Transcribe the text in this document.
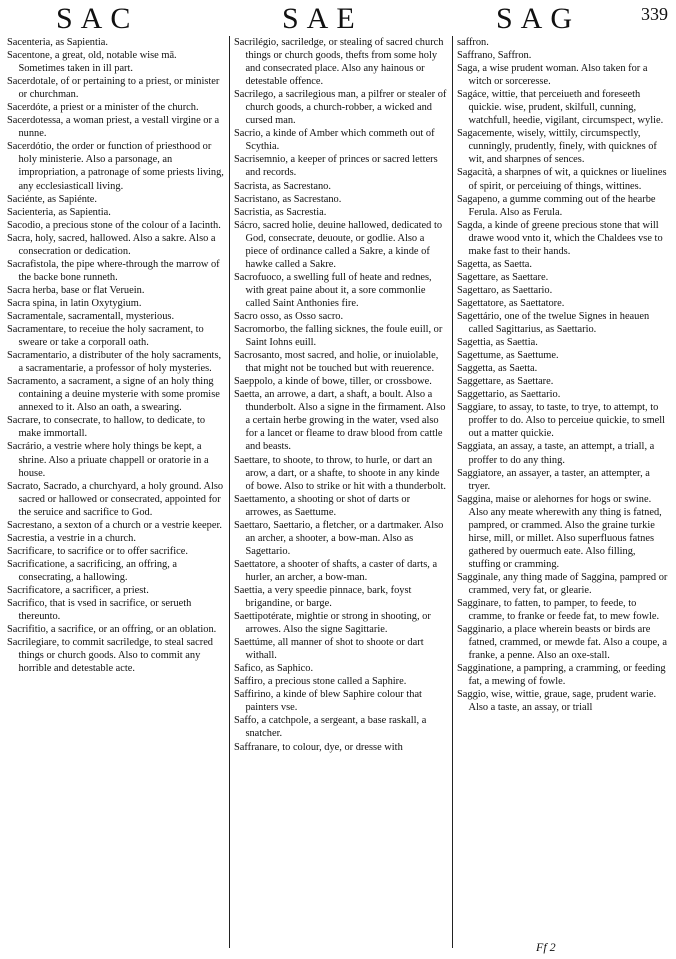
SAC	SAE	SAG	339

Sacenteria, as Sapientia.

Sacentone, a great, old, notable wise mā. Sometimes taken in ill part.

Sacerdotale, of or pertaining to a priest, or minister or churchman.

Sacerdóte, a priest or a minister of the church.

Sacerdotessa, a woman priest, a vestall virgine or a nunne.

Sacerdótio, the order or function of priesthood or holy ministerie. Also a parsonage, an impropriation, a patronage of some priests living, any ecclesiasticall living.

Saciénte, as Sapiénte.

Sacienteria, as Sapientia.

Sacodio, a precious stone of the colour of a Iacinth.

Sacra, holy, sacred, hallowed. Also a sakre. Also a consecration or dedication.

Sacrafistola, the pipe where-through the marrow of the backe bone runneth.

Sacra herba, base or flat Veruein.

Sacra spina, in latin Oxytygium.

Sacramentale, sacramentall, mysterious.

Sacramentare, to receiue the holy sacrament, to sweare or take a corporall oath.

Sacramentario, a distributer of the holy sacraments, a sacramentarie, a professor of holy mysteries.

Sacramento, a sacrament, a signe of an holy thing containing a deuine mysterie with some promise annexed to it. Also an oath, a swearing.

Sacrare, to consecrate, to hallow, to dedicate, to make immortall.

Sacrário, a vestrie where holy things be kept, a shrine. Also a priuate chappell or oratorie in a house.

Sacrato, Sacrado, a churchyard, a holy ground. Also sacred or hallowed or consecrated, appointed for the seruice and sacrifice to God.

Sacrestano, a sexton of a church or a vestrie keeper.

Sacrestia, a vestrie in a church.

Sacrificare, to sacrifice or to offer sacrifice.

Sacrificatione, a sacrificing, an offring, a consecrating, a hallowing.

Sacrificatore, a sacrificer, a priest.

Sacrifico, that is vsed in sacrifice, or serueth thereunto.

Sacrifitio, a sacrifice, or an offring, or an oblation.

Sacrilegiare, to commit sacriledge, to steal sacred things or church goods. Also to commit any horrible and detestable acte.

Sacrilégio, sacriledge, or stealing of sacred church things or church goods, thefts from some holy and consecrated place. Also any hainous or detestable offence.

Sacrilego, a sacrilegious man, a pilfrer or stealer of church goods, a church-robber, a wicked and cursed man.

Sacrio, a kinde of Amber which commeth out of Scythia.

Sacrisemnio, a keeper of princes or sacred letters and records.

Sacrista, as Sacrestano.

Sacristano, as Sacrestano.

Sacristia, as Sacrestia.

Sácro, sacred holie, deuine hallowed, dedicated to God, consecrate, deuoute, or godlie. Also a piece of ordinance called a Sakre, a kinde of hawke called a Sakre.

Sacrofuoco, a swelling full of heate and rednes, with great paine about it, a sore commonlie called Saint Anthonies fire.

Sacro osso, as Osso sacro.

Sacromorbo, the falling sicknes, the foule euill, or Saint Iohns euill.

Sacrosanto, most sacred, and holie, or inuiolable, that might not be touched but with reuerence.

Saeppolo, a kinde of bowe, tiller, or crossbowe.

Saetta, an arrowe, a dart, a shaft, a boult. Also a thunderbolt. Also a signe in the firmament. Also a certain herbe growing in the water, vsed also for a lancet or fleame to draw blood from cattle and beasts.

Saettare, to shoote, to throw, to hurle, or dart an arow, a dart, or a shafte, to shoote in any kinde of bowe. Also to strike or hit with a thunderbolt.

Saettamento, a shooting or shot of darts or arrowes, as Saettume.

Saettaro, Saettario, a fletcher, or a dartmaker. Also an archer, a shooter, a bow-man. Also as Sagettario.

Saettatore, a shooter of shafts, a caster of darts, a hurler, an archer, a bow-man.

Saettia, a very speedie pinnace, bark, foyst brigandine, or barge.

Saettipotérate, mightie or strong in shooting, or arrowes. Also the signe Sagittarie.

Saettúme, all manner of shot to shoote or dart withall.

Safico, as Saphico.

Saffiro, a precious stone called a Saphire.

Saffirino, a kinde of blew Saphire colour that painters vse.

Saffo, a catchpole, a sergeant, a base raskall, a snatcher.

Saffranare, to colour, dye, or dresse with

saffron.

Saffrano, Saffron.

Saga, a wise prudent woman. Also taken for a witch or sorceresse.

Sagáce, wittie, that perceiueth and foreseeth quickie. wise, prudent, skilfull, cunning, watchfull, heedie, vigilant, circumspect, wylie.

Sagacemente, wisely, wittily, circumspectly, cunningly, prudently, finely, with quicknes of wit, and sharpnes of sences.

Sagacità, a sharpnes of wit, a quicknes or liuelines of spirit, or perceiuing of things, wittines.

Sagapeno, a gumme comming out of the hearbe Ferula. Also as Ferula.

Sagda, a kinde of greene precious stone that will drawe wood vnto it, which the Chaldees vse to make fast to their hands.

Sagetta, as Saetta.

Sagettare, as Saettare.

Sagettaro, as Saettario.

Sagettatore, as Saettatore.

Sagettário, one of the twelue Signes in heauen called Sagittarius, as Saettario.

Sagettia, as Saettia.

Sagettume, as Saettume.

Saggetta, as Saetta.

Saggettare, as Saettare.

Saggettario, as Saettario.

Saggiare, to assay, to taste, to trye, to attempt, to proffer to do. Also to perceiue quickie, to smell out a matter quickie.

Saggiata, an assay, a taste, an attempt, a triall, a proffer to do any thing.

Saggiatore, an assayer, a taster, an attempter, a tryer.

Saggina, maise or alehornes for hogs or swine. Also any meate wherewith any thing is fatned, pampred, or crammed. Also the graine turkie hirse, mill, or millet. Also superfluous fatnes gathered by ouermuch eate. Also filling, stuffing or cramming.

Sagginale, any thing made of Saggina, pampred or crammed, very fat, or glearie.

Sagginare, to fatten, to pamper, to feede, to cramme, to franke or feede fat, to mew fowle.

Sagginario, a place wherein beasts or birds are fatned, crammed, or mewde fat. Also a coupe, a franke, a penne. Also an oxe-stall.

Sagginatione, a pampring, a cramming, or feeding fat, a mewing of fowle.

Saggio, wise, wittie, graue, sage, prudent warie. Also a taste, an assay, or triall

Ff 2
